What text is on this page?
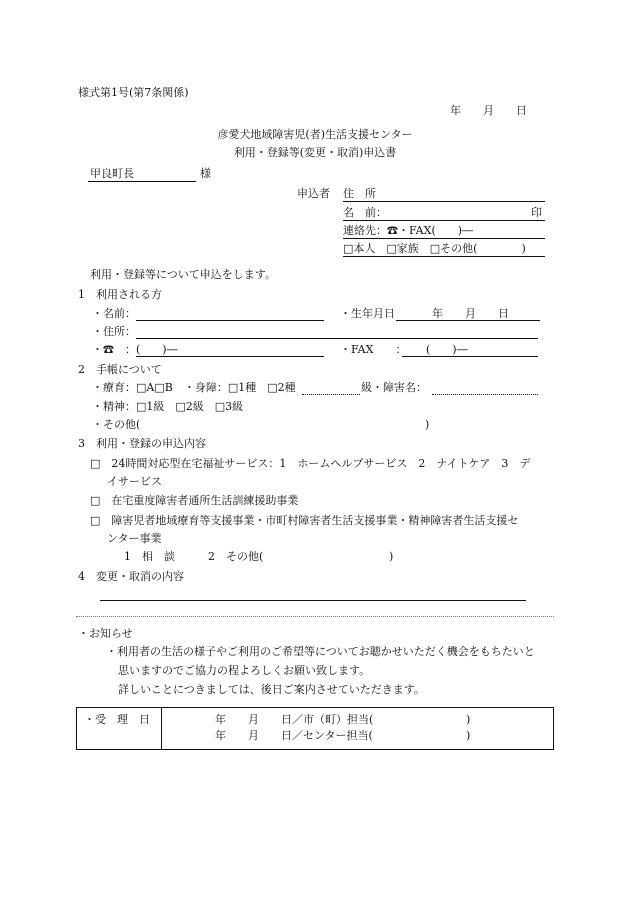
様式第1号(第7条関係)
年　　月　　日
彦愛犬地域障害児(者)生活支援センター
利用・登録等(変更・取消)申込書
甲良町長　　　　　　様
申込者 住　所
名　前：	印
連絡先：☎・FAX(　　)―
□本人　□家族　□その他(　　　　)
利用・登録等について申込をします。
1　利用される方
・名前：	・生年月日	年　　月　　日
・住所：
・☎　：(　　)―	・FAX　　： (　　)―
2　手帳について
・療育：□A□B　・身障：□1種　□2種	級・障害名：
・精神：□1級　□2級　□3級
・その他(	)
3　利用・登録の申込内容
□　24時間対応型在宅福祉サービス：1　ホームヘルプサービス　2　ナイトケア　3　デ
イサービス
□　在宅重度障害者通所生活訓練援助事業
□　障害児者地域療育等支援事業・市町村障害者生活支援事業・精神障害者生活支援セ
ンター事業
1　相　談　　　2　その他(	)
4　変更・取消の内容
・お知らせ
・利用者の生活の様子やご利用のご希望等についてお聴かせいただく機会をもちたいと
思いますのでご協力の程よろしくお願い致します。
詳しいことにつきましては、後日ご案内させていただきます。
・受　理　日	年　　月　　日／市（町）担当(	)
年　　月　　日／センター担当(	)
